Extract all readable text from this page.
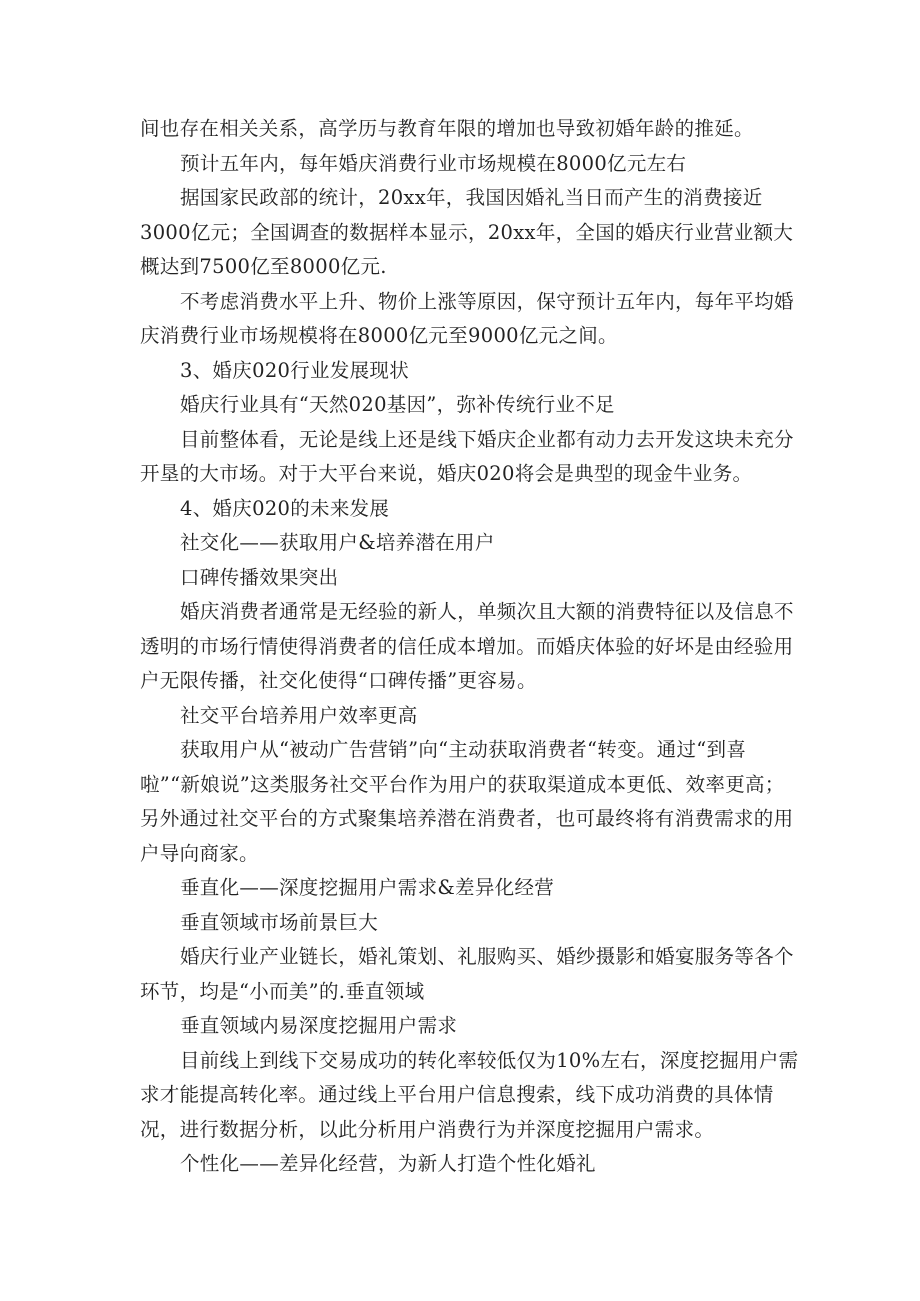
间也存在相关关系，高学历与教育年限的增加也导致初婚年龄的推延。

预计五年内，每年婚庆消费行业市场规模在8000亿元左右

据国家民政部的统计，20xx年，我国因婚礼当日而产生的消费接近3000亿元；全国调查的数据样本显示，20xx年，全国的婚庆行业营业额大概达到7500亿至8000亿元.

不考虑消费水平上升、物价上涨等原因，保守预计五年内，每年平均婚庆消费行业市场规模将在8000亿元至9000亿元之间。

3、婚庆020行业发展现状

婚庆行业具有“天然020基因”，弥补传统行业不足

目前整体看，无论是线上还是线下婚庆企业都有动力去开发这块未充分开垦的大市场。对于大平台来说，婚庆020将会是典型的现金牛业务。

4、婚庆020的未来发展

社交化——获取用户&培养潜在用户

口碑传播效果突出

婚庆消费者通常是无经验的新人，单频次且大额的消费特征以及信息不透明的市场行情使得消费者的信任成本增加。而婚庆体验的好坏是由经验用户无限传播，社交化使得“口碑传播”更容易。

社交平台培养用户效率更高

获取用户从“被动广告营销”向“主动获取消费者“转变。通过“到喜啦”“新娘说”这类服务社交平台作为用户的获取渠道成本更低、效率更高；另外通过社交平台的方式聚集培养潜在消费者，也可最终将有消费需求的用户导向商家。

垂直化——深度挖掘用户需求&差异化经营

垂直领域市场前景巨大

婚庆行业产业链长，婚礼策划、礼服购买、婚纱摄影和婚宴服务等各个环节，均是“小而美”的.垂直领域

垂直领域内易深度挖掘用户需求

目前线上到线下交易成功的转化率较低仅为10%左右，深度挖掘用户需求才能提高转化率。通过线上平台用户信息搜索，线下成功消费的具体情况，进行数据分析，以此分析用户消费行为并深度挖掘用户需求。

个性化——差异化经营，为新人打造个性化婚礼
